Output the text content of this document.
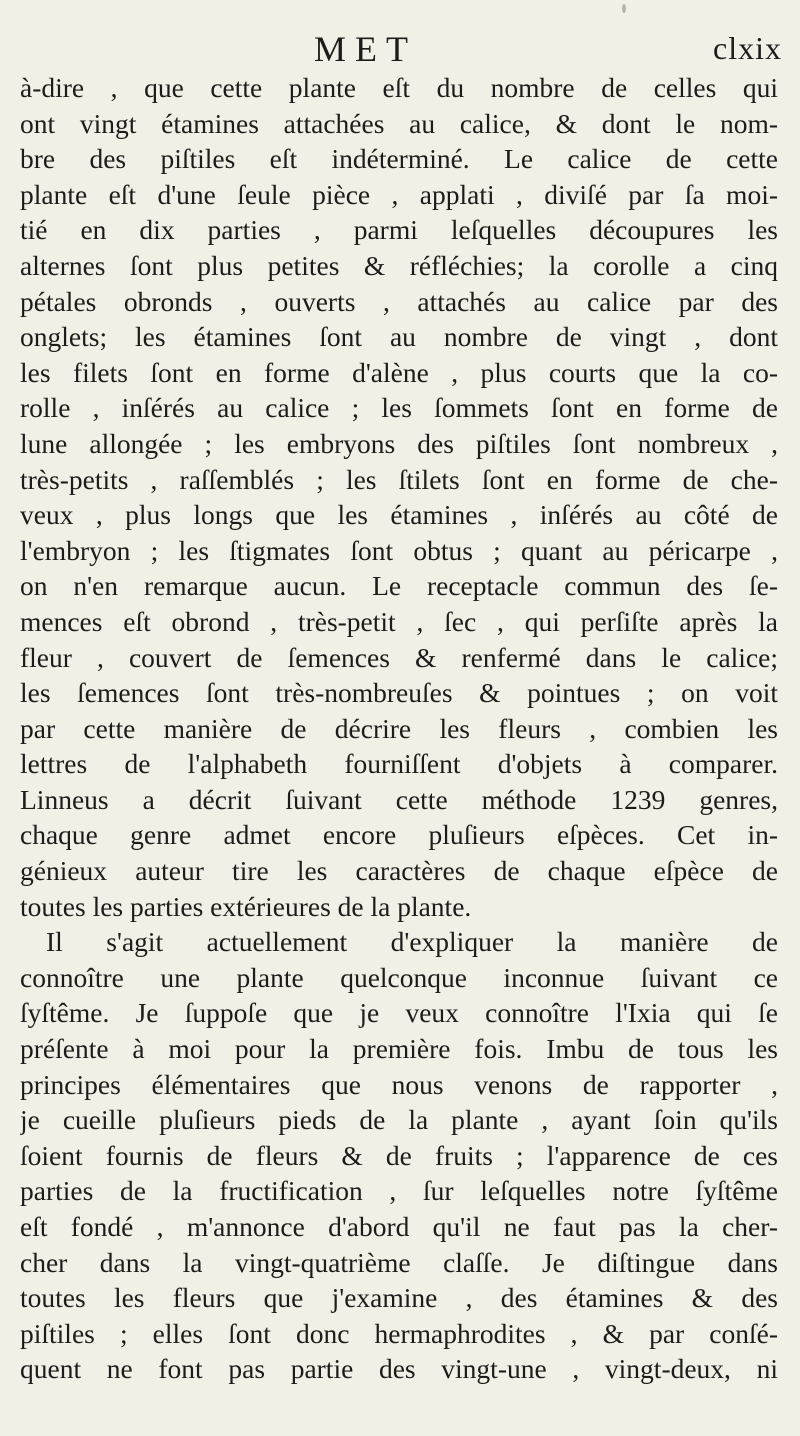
MET	clxix
à-dire , que cette plante eſt du nombre de celles qui
ont vingt étamines attachées au calice, & dont le nom-
bre des piſtiles eſt indéterminé. Le calice de cette
plante eſt d'une ſeule pièce , applati , diviſé par ſa moi-
tié en dix parties , parmi leſquelles découpures les
alternes ſont plus petites & réfléchies; la corolle a cinq
pétales obronds , ouverts , attachés au calice par des
onglets; les étamines ſont au nombre de vingt , dont
les filets ſont en forme d'alène , plus courts que la co-
rolle , inſérés au calice ; les ſommets ſont en forme de
lune allongée ; les embryons des piſtiles ſont nombreux ,
très-petits , raſſemblés ; les ſtilets ſont en forme de che-
veux , plus longs que les étamines , inſérés au côté de
l'embryon ; les ſtigmates ſont obtus ; quant au péricarpe ,
on n'en remarque aucun. Le receptacle commun des ſe-
mences eſt obrond , très-petit , ſec , qui perſiſte après la
fleur , couvert de ſemences & renfermé dans le calice;
les ſemences ſont très-nombreuſes & pointues ; on voit
par cette manière de décrire les fleurs , combien les
lettres de l'alphabeth fourniſſent d'objets à comparer.
Linneus a décrit ſuivant cette méthode 1239 genres,
chaque genre admet encore pluſieurs eſpèces. Cet in-
génieux auteur tire les caractères de chaque eſpèce de
toutes les parties extérieures de la plante.
Il s'agit actuellement d'expliquer la manière de
connoître une plante quelconque inconnue ſuivant ce
ſyſtême. Je ſuppoſe que je veux connoître l'Ixia qui ſe
préſente à moi pour la première fois. Imbu de tous les
principes élémentaires que nous venons de rapporter ,
je cueille pluſieurs pieds de la plante , ayant ſoin qu'ils
ſoient fournis de fleurs & de fruits ; l'apparence de ces
parties de la fructification , ſur leſquelles notre ſyſtême
eſt fondé , m'annonce d'abord qu'il ne faut pas la cher-
cher dans la vingt-quatrième claſſe. Je diſtingue dans
toutes les fleurs que j'examine , des étamines & des
piſtiles ; elles ſont donc hermaphrodites , & par conſé-
quent ne font pas partie des vingt-une , vingt-deux, ni
